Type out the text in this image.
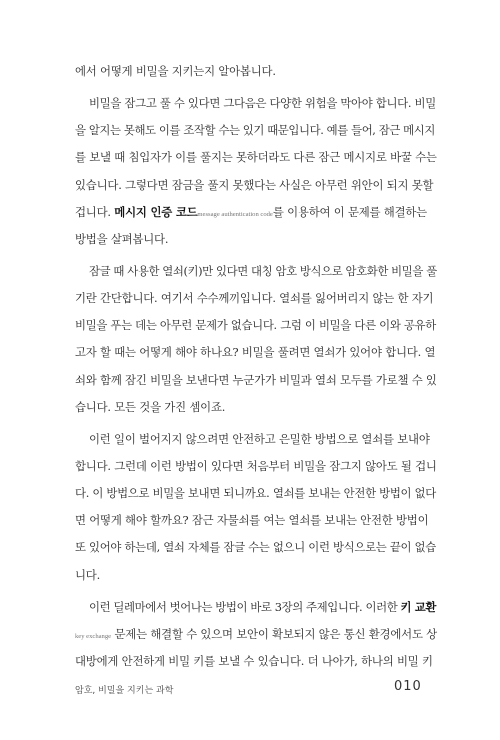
에서 어떻게 비밀을 지키는지 알아봅니다.
비밀을 잠그고 풀 수 있다면 그다음은 다양한 위험을 막아야 합니다. 비밀
을 알지는 못해도 이를 조작할 수는 있기 때문입니다. 예를 들어, 잠근 메시지
를 보낼 때 침입자가 이를 풀지는 못하더라도 다른 잠근 메시지로 바꿀 수는
있습니다. 그렇다면 잠금을 풀지 못했다는 사실은 아무런 위안이 되지 못할
겁니다. 메시지 인증 코드message authentication code를 이용하여 이 문제를 해결하는
방법을 살펴봅니다.
잠글 때 사용한 열쇠(키)만 있다면 대칭 암호 방식으로 암호화한 비밀을 풀
기란 간단합니다. 여기서 수수께끼입니다. 열쇠를 잃어버리지 않는 한 자기
비밀을 푸는 데는 아무런 문제가 없습니다. 그럼 이 비밀을 다른 이와 공유하
고자 할 때는 어떻게 해야 하나요? 비밀을 풀려면 열쇠가 있어야 합니다. 열
쇠와 함께 잠긴 비밀을 보낸다면 누군가가 비밀과 열쇠 모두를 가로챌 수 있
습니다. 모든 것을 가진 셈이죠.
이런 일이 벌어지지 않으려면 안전하고 은밀한 방법으로 열쇠를 보내야
합니다. 그런데 이런 방법이 있다면 처음부터 비밀을 잠그지 않아도 될 겁니
다. 이 방법으로 비밀을 보내면 되니까요. 열쇠를 보내는 안전한 방법이 없다
면 어떻게 해야 할까요? 잠근 자물쇠를 여는 열쇠를 보내는 안전한 방법이
또 있어야 하는데, 열쇠 자체를 잠글 수는 없으니 이런 방식으로는 끝이 없습
니다.
이런 딜레마에서 벗어나는 방법이 바로 3장의 주제입니다. 이러한 키 교환
key exchange 문제는 해결할 수 있으며 보안이 확보되지 않은 통신 환경에서도 상
대방에게 안전하게 비밀 키를 보낼 수 있습니다. 더 나아가, 하나의 비밀 키
암호, 비밀을 지키는 과학	010
